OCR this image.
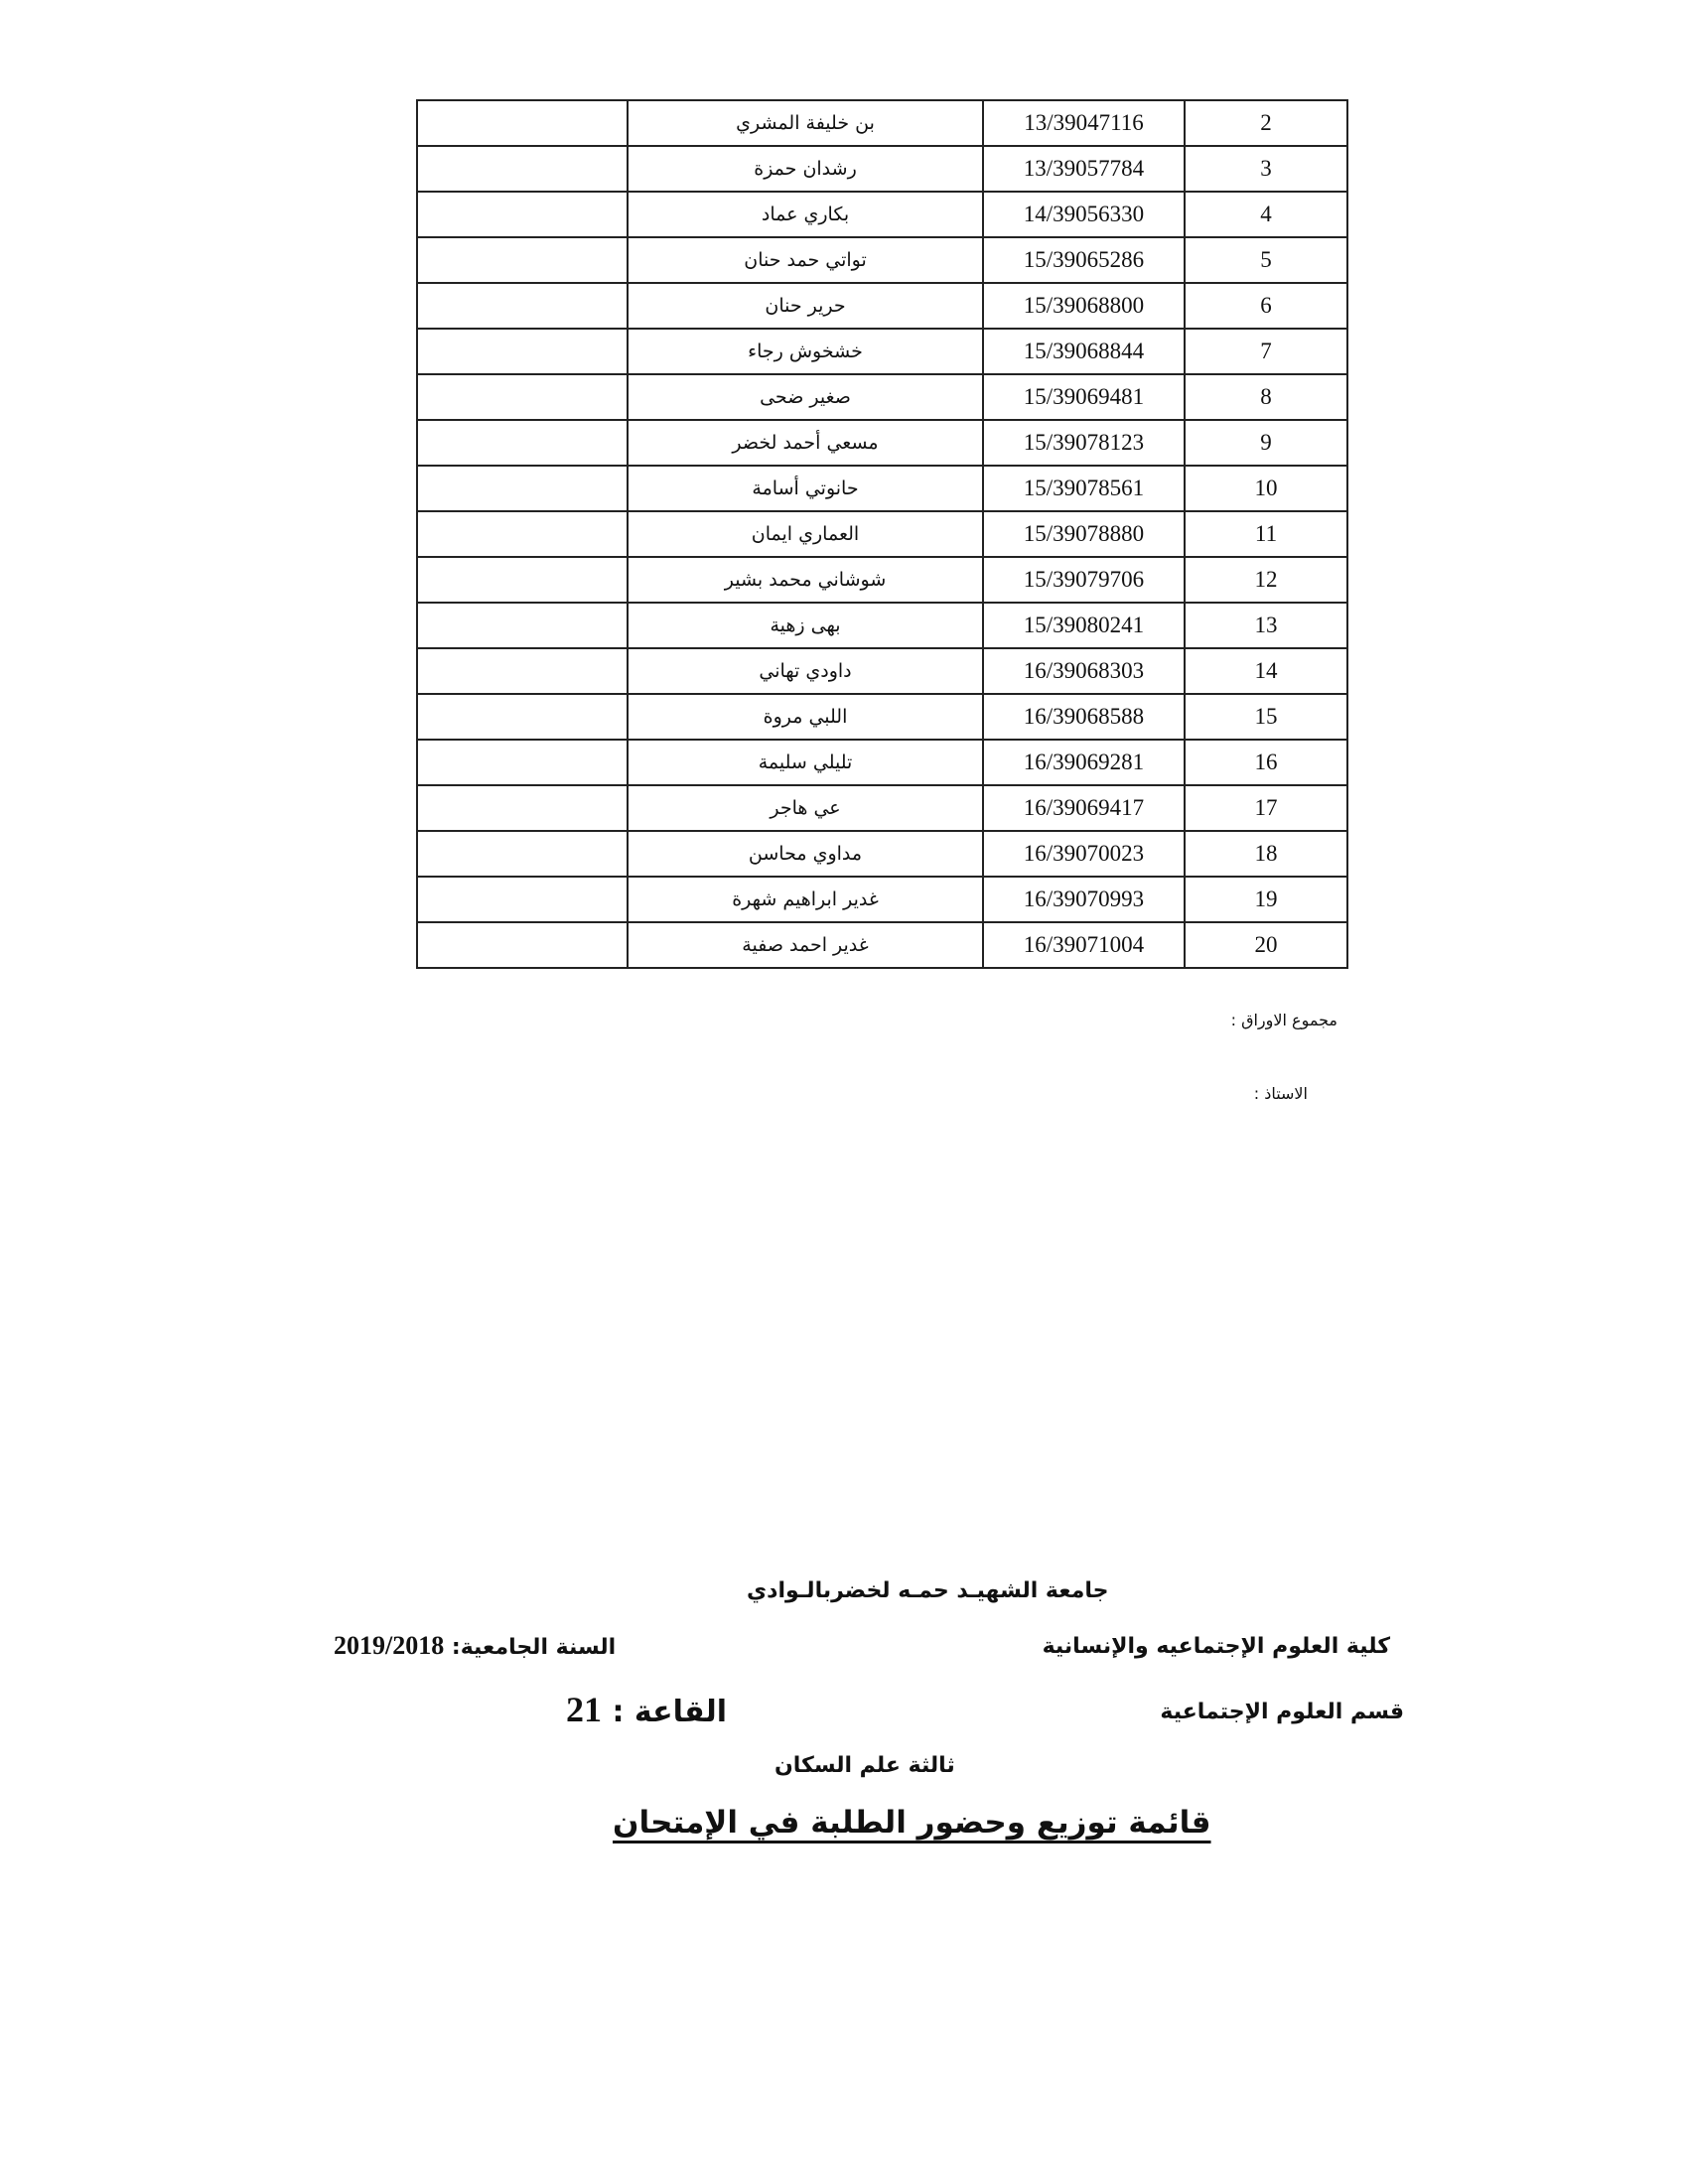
	بن خليفة المشري	13/39047116	2
	رشدان حمزة	13/39057784	3
	بكاري عماد	14/39056330	4
	تواتي حمد حنان	15/39065286	5
	حرير حنان	15/39068800	6
	خشخوش رجاء	15/39068844	7
	صغير ضحى	15/39069481	8
	مسعي أحمد لخضر	15/39078123	9
	حانوتي أسامة	15/39078561	10
	العماري ايمان	15/39078880	11
	شوشاني محمد بشير	15/39079706	12
	بهى زهية	15/39080241	13
	داودي تهاني	16/39068303	14
	اللبي مروة	16/39068588	15
	تليلي سليمة	16/39069281	16
	عي هاجر	16/39069417	17
	مداوي محاسن	16/39070023	18
	غدير ابراهيم شهرة	16/39070993	19
	غدير احمد صفية	16/39071004	20
مجموع الاوراق :
الاستاذ :
جامعة الشهيـد حمـه لخضربالـوادي
كلية العلوم الإجتماعيه والإنسانية
السنة الجامعية: 2019/2018
قسم العلوم الإجتماعية
القاعة : 21
ثالثة علم السكان
قائمة توزيع وحضور الطلبة في الإمتحان
